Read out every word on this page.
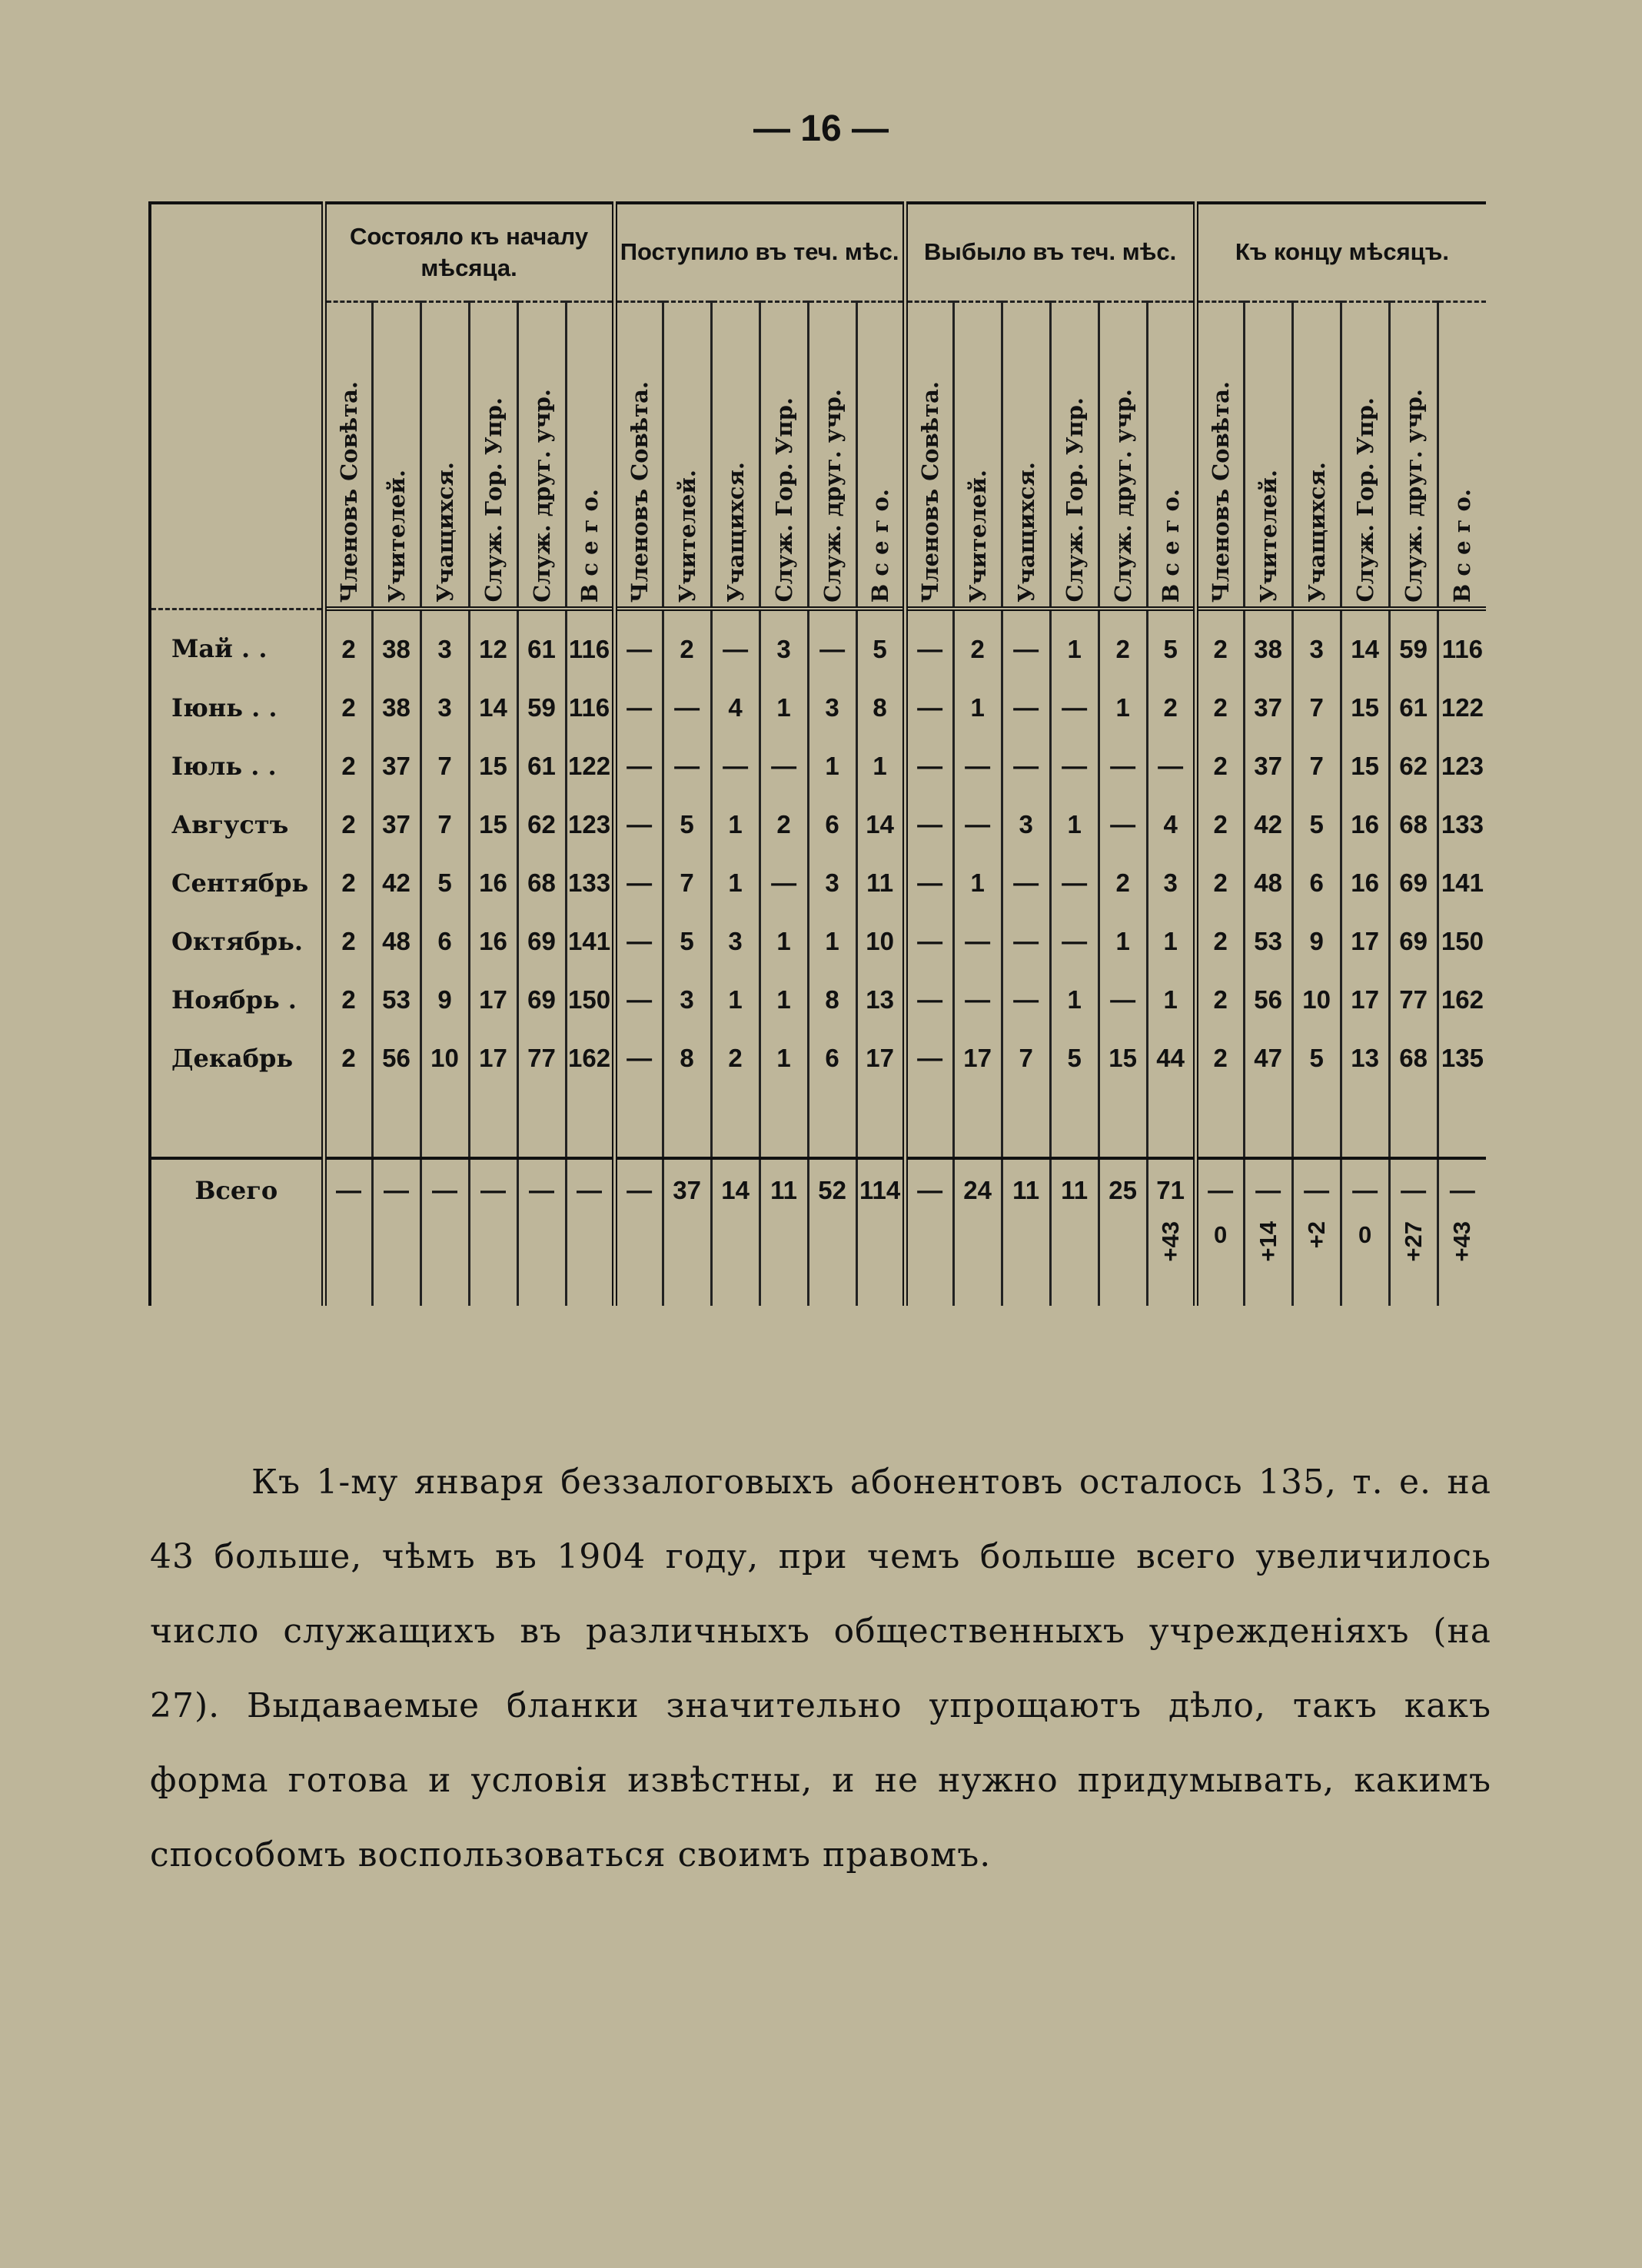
— 16 —
	Состояло къ началу мѣсяца.						Поступило въ теч. мѣс.						Выбыло въ теч. мѣс.						Къ концу мѣсяцъ.					
	Членовъ Совѣта.	Учителей.	Учащихся.	Служ. Гор. Упр.	Служ. друг. учр.	В с е г о.	Членовъ Совѣта.	Учителей.	Учащихся.	Служ. Гор. Упр.	Служ. друг. учр.	В с е г о.	Членовъ Совѣта.	Учителей.	Учащихся.	Служ. Гор. Упр.	Служ. друг. учр.	В с е г о.	Членовъ Совѣта.	Учителей.	Учащихся.	Служ. Гор. Упр.	Служ. друг. учр.	В с е г о.
Май . .	2	38	3	12	61	116	—	2	—	3	—	5	—	2	—	1	2	5	2	38	3	14	59	116
Іюнь . .	2	38	3	14	59	116	—	—	4	1	3	8	—	1	—	—	1	2	2	37	7	15	61	122
Іюль . .	2	37	7	15	61	122	—	—	—	—	1	1	—	—	—	—	—	—	2	37	7	15	62	123
Августъ	2	37	7	15	62	123	—	5	1	2	6	14	—	—	3	1	—	4	2	42	5	16	68	133
Сентябрь	2	42	5	16	68	133	—	7	1	—	3	11	—	1	—	—	2	3	2	48	6	16	69	141
Октябрь.	2	48	6	16	69	141	—	5	3	1	1	10	—	—	—	—	1	1	2	53	9	17	69	150
Ноябрь .	2	53	9	17	69	150	—	3	1	1	8	13	—	—	—	1	—	1	2	56	10	17	77	162
Декабрь	2	56	10	17	77	162	—	8	2	1	6	17	—	17	7	5	15	44	2	47	5	13	68	135

Всего	—	—	—	—	—	—	—	37	14	11	52	114	—	24	11	11	25	71	—	—	—	—	—	—
																		+43	0	+14	+2	0	+27	+43
Къ 1-му января беззалоговыхъ абонентовъ осталось 135, т. е. на 43 больше, чѣмъ въ 1904 году, при чемъ больше всего увеличилось число служащихъ въ различныхъ общественныхъ учрежденіяхъ (на 27). Выдаваемые бланки значительно упрощаютъ дѣло, такъ какъ форма готова и условія извѣстны, и не нужно придумывать, какимъ способомъ воспользоваться своимъ правомъ.
